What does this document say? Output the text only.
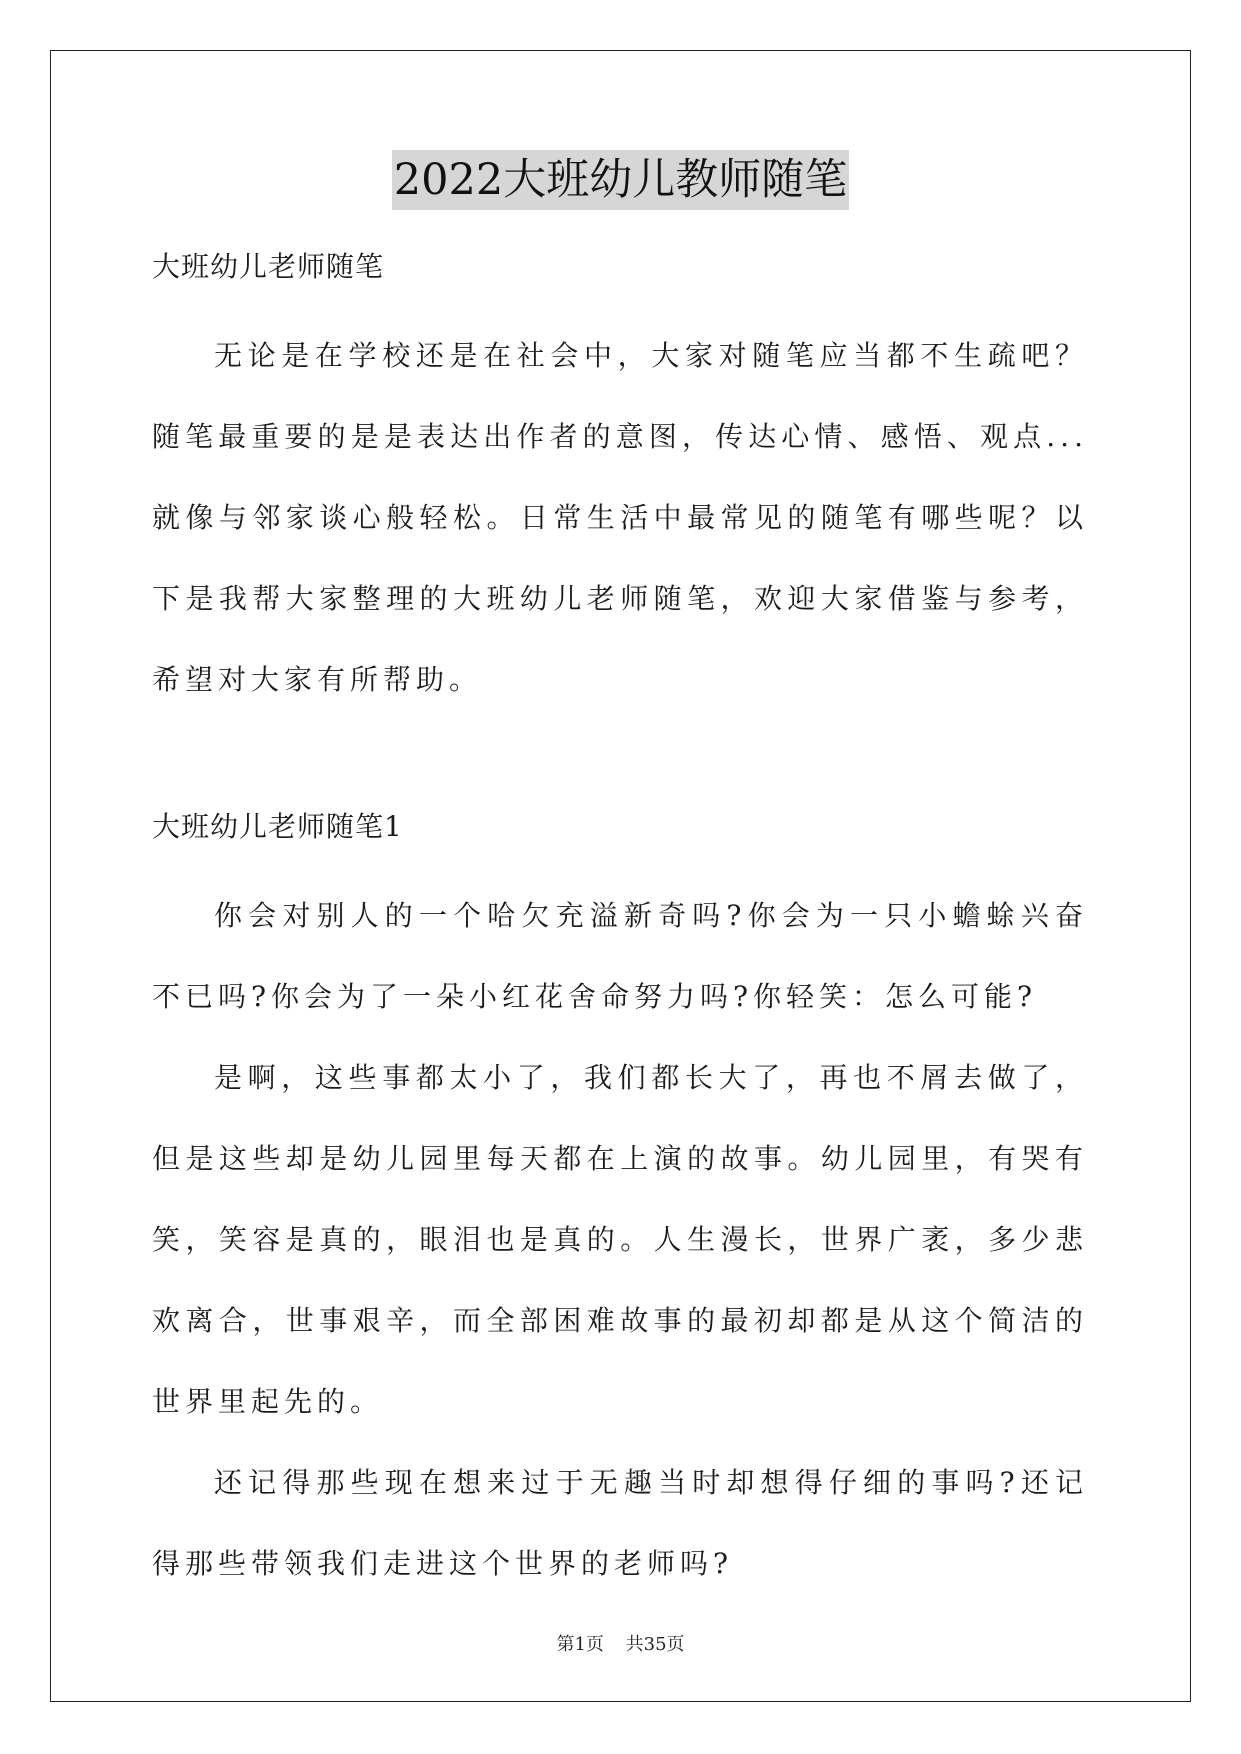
2022大班幼儿教师随笔

大班幼儿老师随笔

无论是在学校还是在社会中，大家对随笔应当都不生疏吧？随笔最重要的是是表达出作者的意图，传达心情、感悟、观点...就像与邻家谈心般轻松。日常生活中最常见的随笔有哪些呢？以下是我帮大家整理的大班幼儿老师随笔，欢迎大家借鉴与参考，希望对大家有所帮助。

大班幼儿老师随笔1

你会对别人的一个哈欠充溢新奇吗?你会为一只小蟾蜍兴奋不已吗?你会为了一朵小红花舍命努力吗?你轻笑：怎么可能?

是啊，这些事都太小了，我们都长大了，再也不屑去做了，但是这些却是幼儿园里每天都在上演的故事。幼儿园里，有哭有笑，笑容是真的，眼泪也是真的。人生漫长，世界广袤，多少悲欢离合，世事艰辛，而全部困难故事的最初却都是从这个简洁的世界里起先的。

还记得那些现在想来过于无趣当时却想得仔细的事吗?还记得那些带领我们走进这个世界的老师吗?

第1页 共35页
